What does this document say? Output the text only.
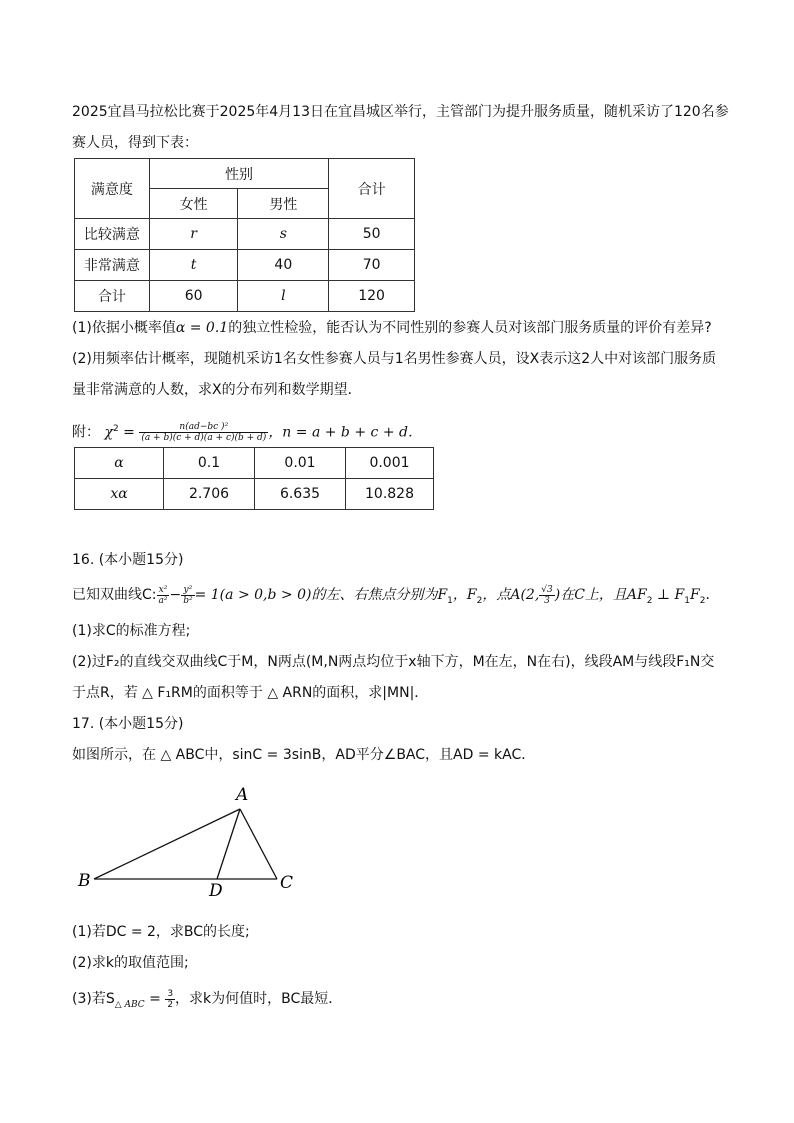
2025宜昌马拉松比赛于2025年4月13日在宜昌城区举行，主管部门为提升服务质量，随机采访了120名参
赛人员，得到下表：
满意度	性别		合计
	女性	男性	
比较满意	r	s	50
非常满意	t	40	70
合计	60	l	120
(1)依据小概率值α = 0.1的独立性检验，能否认为不同性别的参赛人员对该部门服务质量的评价有差异?
(2)用频率估计概率，现随机采访1名女性参赛人员与1名男性参赛人员，设X表示这2人中对该部门服务质
量非常满意的人数，求X的分布列和数学期望．
附： $\chi^2 = \frac{\text{n(ad−bc )²}}{(a + b)(c + d)(a + c)(b + d)}$ ，n = a + b + c + d．
α	0.1	0.01	0.001
xα	2.706	6.635	10.828
16. (本小题15分)
已知双曲线C: $\frac{\text{x²}}{\text{a²}} - \frac{\text{y²}}{\text{b²}} = 1(a > 0,b > 0)$的左、右焦点分别为$F_1$，$F_2$，点A(2, $\frac{√3}{3}$ )在C上，且$AF_2$ ⊥ $F_1F_2$．
(1)求C的标准方程;
(2)过F₂的直线交双曲线C于M，N两点(M,N两点均位于x轴下方，M在左，N在右)，线段AM与线段F₁N交
于点R，若 △ F₁RM的面积等于 △ ARN的面积，求|MN|．
17. (本小题15分)
如图所示，在 △ ABC中，sinC = 3sinB，AD平分∠BAC，且AD = kAC．
A
B	C
D
(1)若DC = 2，求BC的长度;
(2)求k的取值范围;
(3)若$S_{\triangle ABC} = \frac{3}{2}$ ，求k为何值时，BC最短．
